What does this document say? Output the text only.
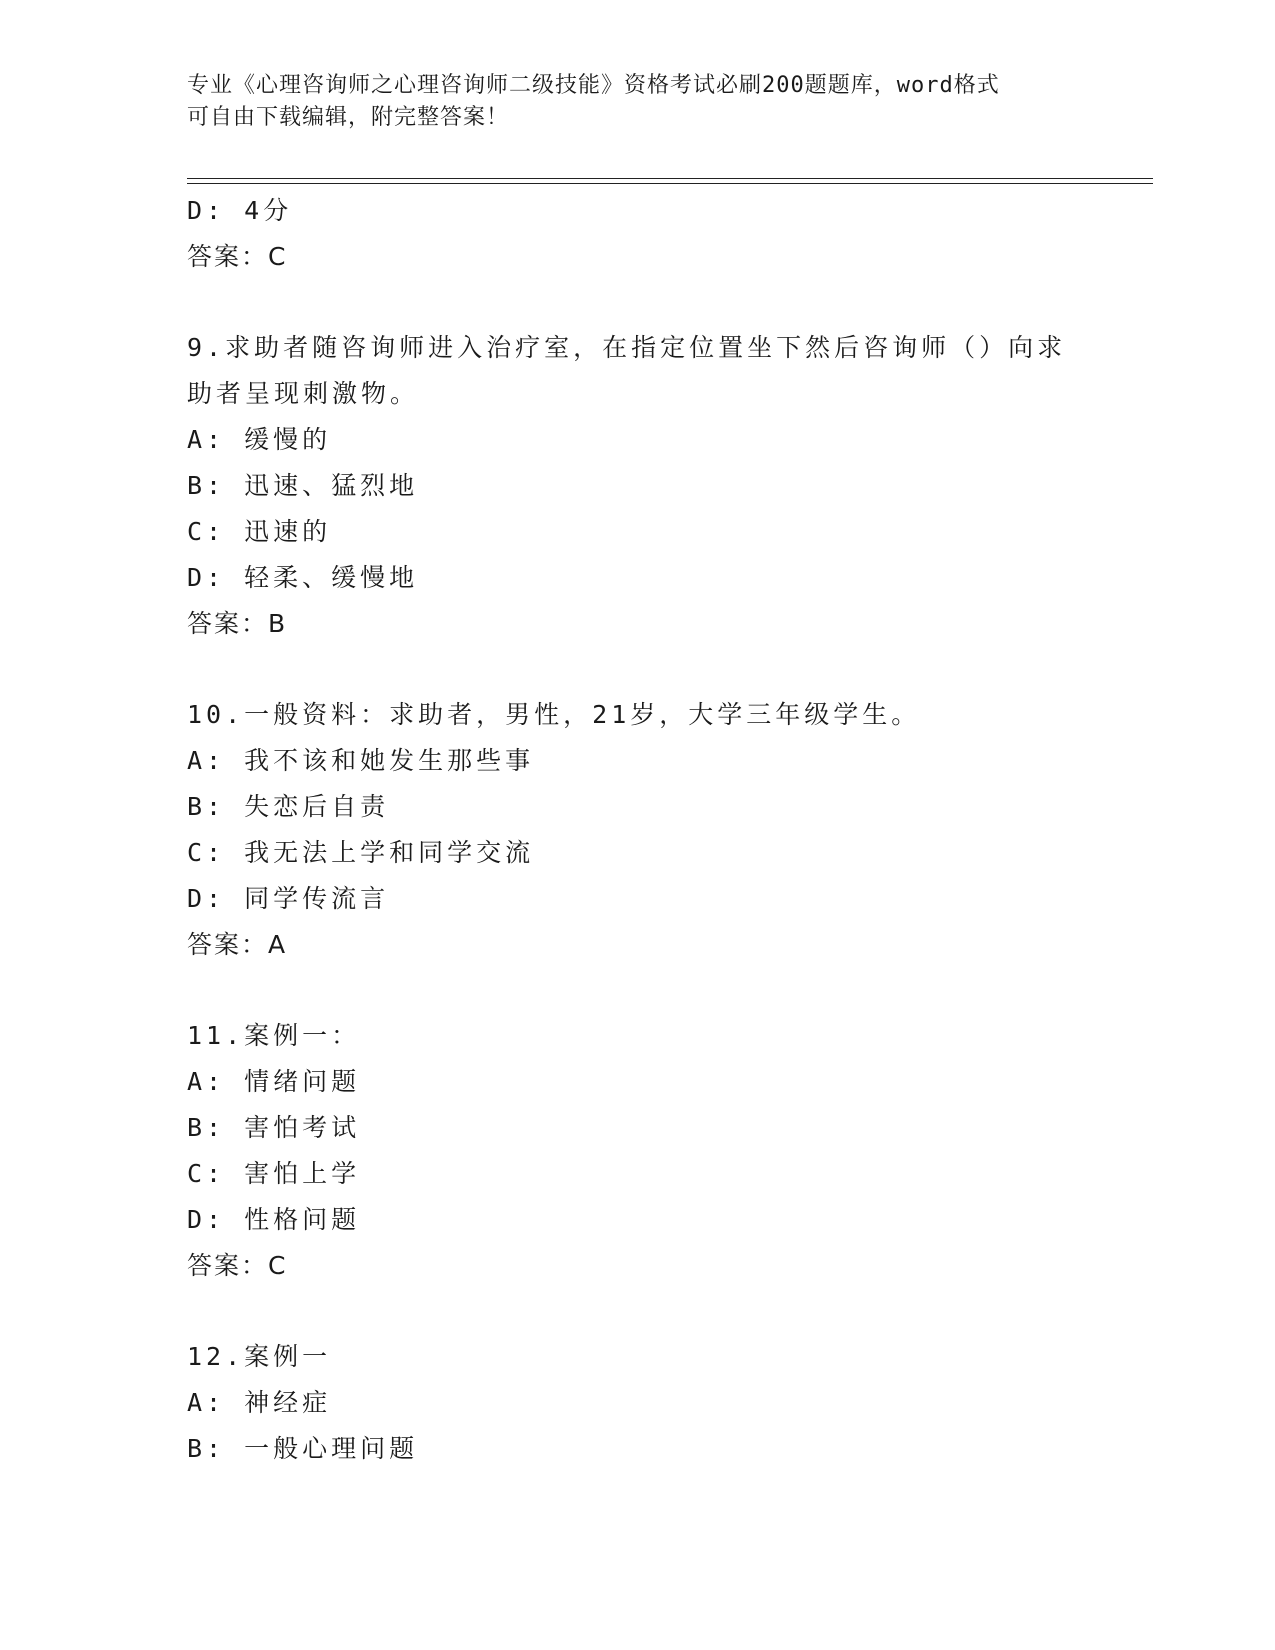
专业《心理咨询师之心理咨询师二级技能》资格考试必刷200题题库，word格式
可自由下载编辑，附完整答案！
D: 4分
答案：C
9.求助者随咨询师进入治疗室，在指定位置坐下然后咨询师（）向求
助者呈现刺激物。
A: 缓慢的
B: 迅速、猛烈地
C: 迅速的
D: 轻柔、缓慢地
答案：B
10.一般资料：求助者，男性，21岁，大学三年级学生。
A: 我不该和她发生那些事
B: 失恋后自责
C: 我无法上学和同学交流
D: 同学传流言
答案：A
11.案例一：
A: 情绪问题
B: 害怕考试
C: 害怕上学
D: 性格问题
答案：C
12.案例一
A: 神经症
B: 一般心理问题
